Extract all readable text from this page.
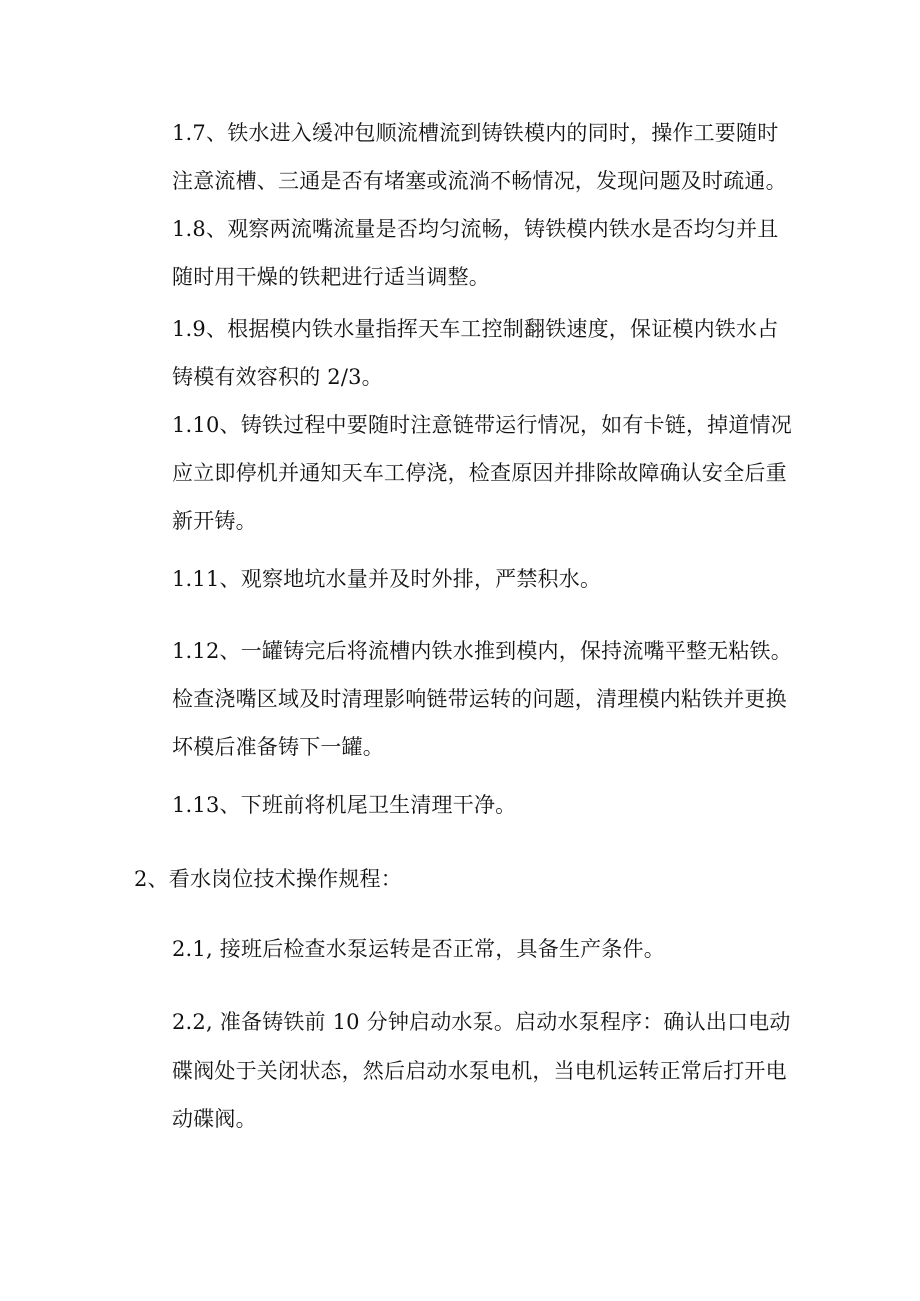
1.7、铁水进入缓冲包顺流槽流到铸铁模内的同时，操作工要随时
注意流槽、三通是否有堵塞或流淌不畅情况，发现问题及时疏通。
1.8、观察两流嘴流量是否均匀流畅，铸铁模内铁水是否均匀并且
随时用干燥的铁耙进行适当调整。
1.9、根据模内铁水量指挥天车工控制翻铁速度，保证模内铁水占
铸模有效容积的 2/3。
1.10、铸铁过程中要随时注意链带运行情况，如有卡链，掉道情况
应立即停机并通知天车工停浇，检查原因并排除故障确认安全后重
新开铸。
1.11、观察地坑水量并及时外排，严禁积水。
1.12、一罐铸完后将流槽内铁水推到模内，保持流嘴平整无粘铁。
检查浇嘴区域及时清理影响链带运转的问题，清理模内粘铁并更换
坏模后准备铸下一罐。
1.13、下班前将机尾卫生清理干净。
2、看水岗位技术操作规程：
2.1, 接班后检查水泵运转是否正常，具备生产条件。
2.2, 准备铸铁前 10 分钟启动水泵。启动水泵程序：确认出口电动
碟阀处于关闭状态，然后启动水泵电机，当电机运转正常后打开电
动碟阀。
